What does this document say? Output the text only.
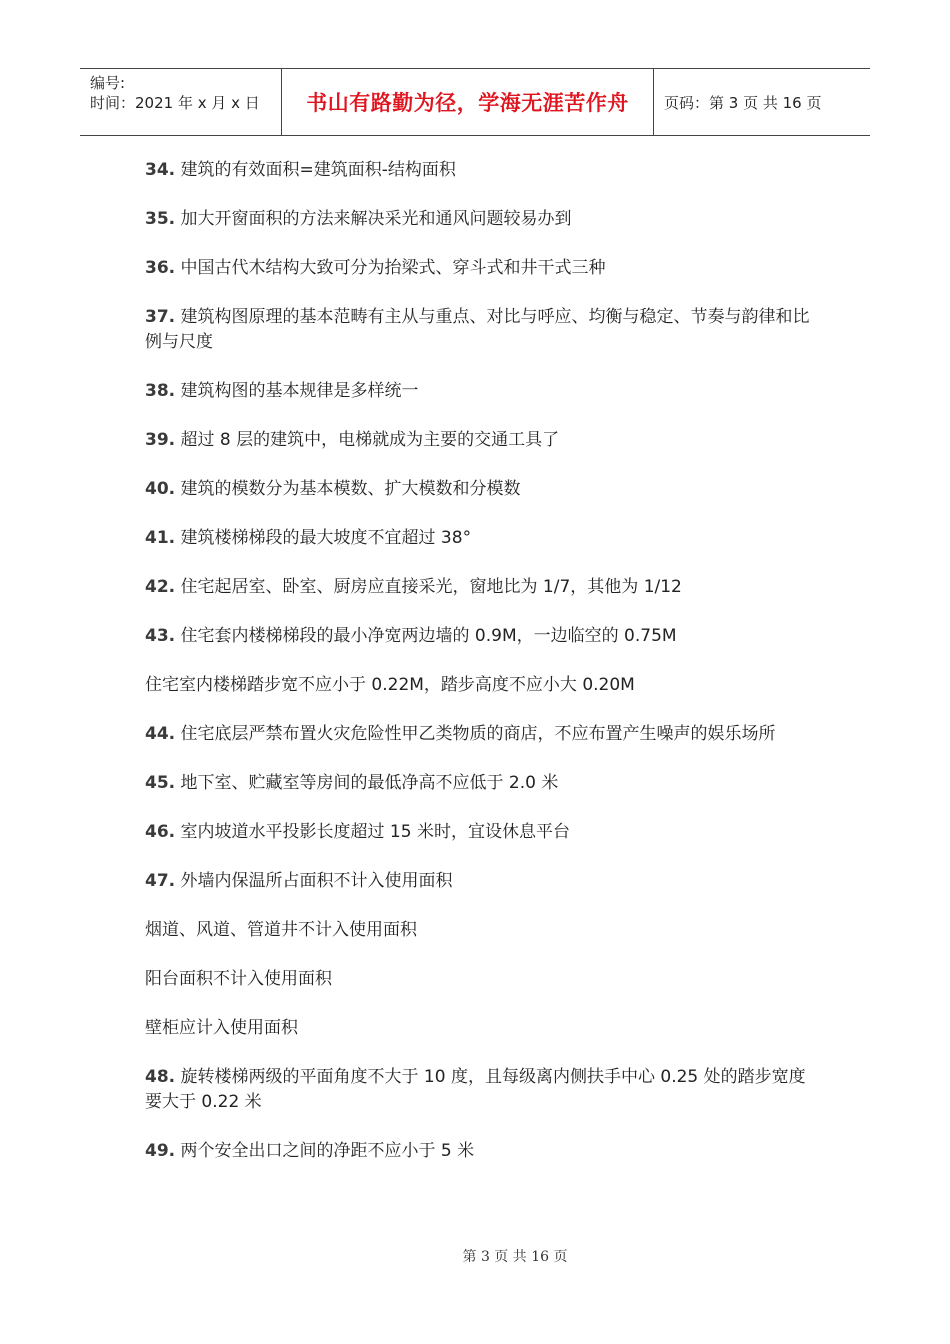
编号:
时间：2021 年 x 月 x 日	书山有路勤为径，学海无涯苦作舟 页码：第 3 页 共 16 页

34. 建筑的有效面积=建筑面积-结构面积

35. 加大开窗面积的方法来解决采光和通风问题较易办到

36. 中国古代木结构大致可分为抬梁式、穿斗式和井干式三种

37. 建筑构图原理的基本范畴有主从与重点、对比与呼应、均衡与稳定、节奏与韵律和比例与尺度

38. 建筑构图的基本规律是多样统一

39. 超过 8 层的建筑中，电梯就成为主要的交通工具了

40. 建筑的模数分为基本模数、扩大模数和分模数

41. 建筑楼梯梯段的最大坡度不宜超过 38°

42. 住宅起居室、卧室、厨房应直接采光，窗地比为 1/7，其他为 1/12

43. 住宅套内楼梯梯段的最小净宽两边墙的 0.9M，一边临空的 0.75M

住宅室内楼梯踏步宽不应小于 0.22M，踏步高度不应小大 0.20M

44. 住宅底层严禁布置火灾危险性甲乙类物质的商店，不应布置产生噪声的娱乐场所

45. 地下室、贮藏室等房间的最低净高不应低于 2.0 米

46. 室内坡道水平投影长度超过 15 米时，宜设休息平台

47. 外墙内保温所占面积不计入使用面积

烟道、风道、管道井不计入使用面积

阳台面积不计入使用面积

壁柜应计入使用面积

48. 旋转楼梯两级的平面角度不大于 10 度，且每级离内侧扶手中心 0.25 处的踏步宽度要大于 0.22 米

49. 两个安全出口之间的净距不应小于 5 米

第 3 页 共 16 页
